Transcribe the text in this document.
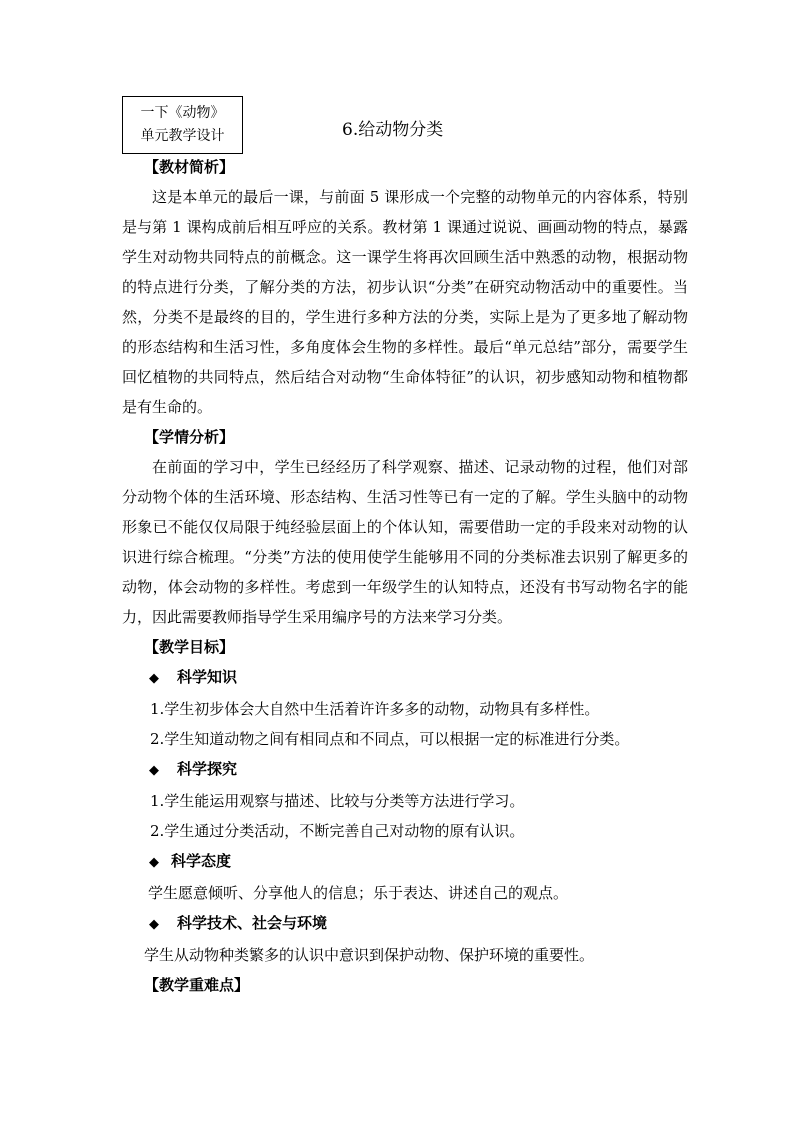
一下《动物》
单元教学设计	6.给动物分类

【教材简析】

这是本单元的最后一课，与前面 5 课形成一个完整的动物单元的内容体系，特别是与第 1 课构成前后相互呼应的关系。教材第 1 课通过说说、画画动物的特点，暴露学生对动物共同特点的前概念。这一课学生将再次回顾生活中熟悉的动物，根据动物的特点进行分类，了解分类的方法，初步认识“分类”在研究动物活动中的重要性。当然，分类不是最终的目的，学生进行多种方法的分类，实际上是为了更多地了解动物的形态结构和生活习性，多角度体会生物的多样性。最后“单元总结”部分，需要学生回忆植物的共同特点，然后结合对动物“生命体特征”的认识，初步感知动物和植物都是有生命的。

【学情分析】

在前面的学习中，学生已经经历了科学观察、描述、记录动物的过程，他们对部分动物个体的生活环境、形态结构、生活习性等已有一定的了解。学生头脑中的动物形象已不能仅仅局限于纯经验层面上的个体认知，需要借助一定的手段来对动物的认识进行综合梳理。“分类”方法的使用使学生能够用不同的分类标准去识别了解更多的动物，体会动物的多样性。考虑到一年级学生的认知特点，还没有书写动物名字的能力，因此需要教师指导学生采用编序号的方法来学习分类。

【教学目标】

◆ 科学知识

1.学生初步体会大自然中生活着许许多多的动物，动物具有多样性。

2.学生知道动物之间有相同点和不同点，可以根据一定的标准进行分类。

◆ 科学探究

1.学生能运用观察与描述、比较与分类等方法进行学习。

2.学生通过分类活动，不断完善自己对动物的原有认识。

◆ 科学态度

学生愿意倾听、分享他人的信息；乐于表达、讲述自己的观点。

◆ 科学技术、社会与环境

学生从动物种类繁多的认识中意识到保护动物、保护环境的重要性。

【教学重难点】
